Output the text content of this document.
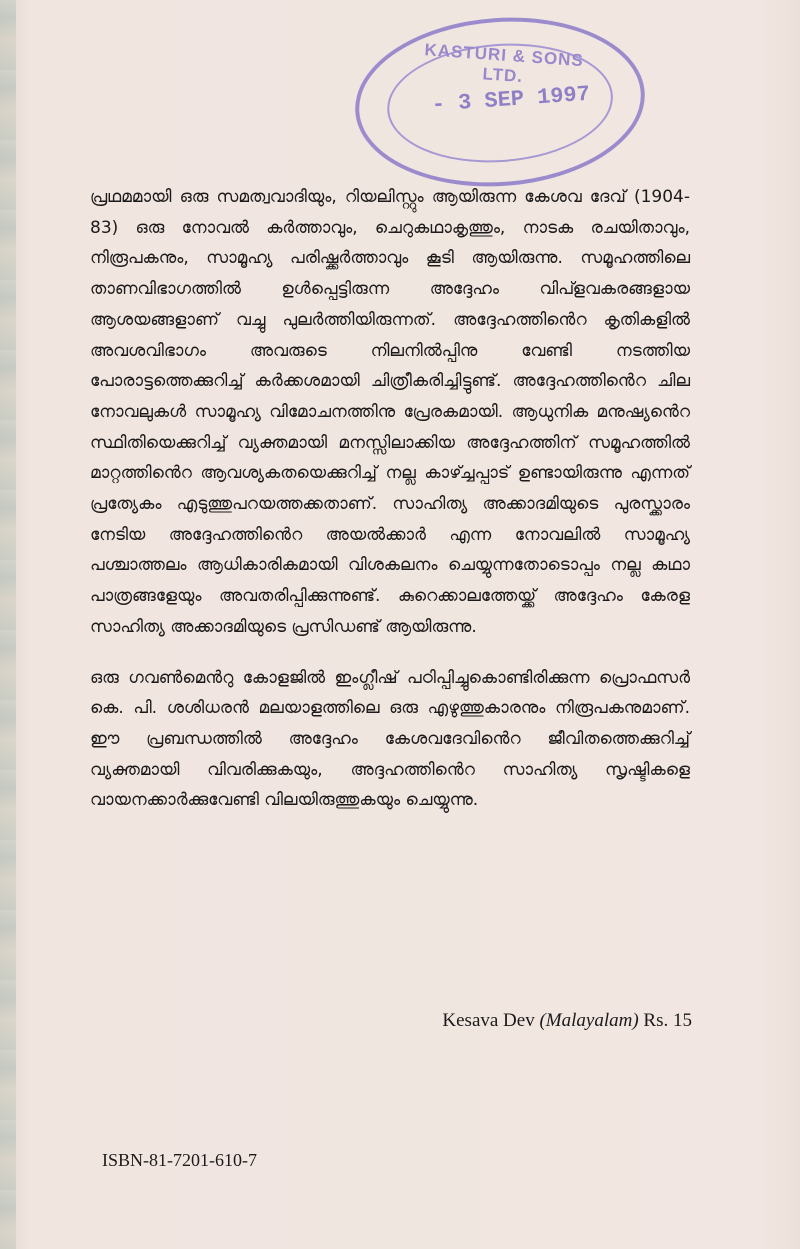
KASTURI & SONS LTD.
- 3 SEP 1997

പ്രഥമമായി ഒരു സമത്വവാദിയും, റിയലിസ്റ്റും ആയിരുന്ന കേശവ ദേവ് (1904-83) ഒരു നോവൽ കർത്താവും, ചെറുകഥാകൃത്തും, നാടക രചയിതാവും, നിരൂപകനും, സാമൂഹ്യ പരിഷ്ക്കർത്താവും കൂടി ആയിരുന്നു. സമൂഹത്തിലെ താണവിഭാഗത്തിൽ ഉൾപ്പെട്ടിരുന്ന അദ്ദേഹം വിപ്ളവകരങ്ങളായ ആശയങ്ങളാണ് വച്ചു പുലർത്തിയിരുന്നത്. അദ്ദേഹത്തിൻെറ കൃതികളിൽ അവശവിഭാഗം അവരുടെ നിലനിൽപ്പിനു വേണ്ടി നടത്തിയ പോരാട്ടത്തെക്കുറിച്ച് കർക്കശമായി ചിത്രീകരിച്ചിട്ടുണ്ട്. അദ്ദേഹത്തിൻെറ ചില നോവലുകൾ സാമൂഹ്യ വിമോചനത്തിനു പ്രേരകമായി. ആധുനിക മനുഷ്യൻെറ സ്ഥിതിയെക്കുറിച്ച് വ്യക്തമായി മനസ്സിലാക്കിയ അദ്ദേഹത്തിന് സമൂഹത്തിൽ മാറ്റത്തിൻെറ ആവശ്യകതയെക്കുറിച്ച് നല്ല കാഴ്ച്ചപ്പാട് ഉണ്ടായിരുന്നു എന്നത് പ്രത്യേകം എടുത്തുപറയത്തക്കതാണ്. സാഹിത്യ അക്കാദമിയുടെ പുരസ്ക്കാരം നേടിയ അദ്ദേഹത്തിൻെറ അയൽക്കാർ എന്ന നോവലിൽ സാമൂഹ്യ പശ്ചാത്തലം ആധികാരികമായി വിശകലനം ചെയ്യുന്നതോടൊപ്പം നല്ല കഥാ പാത്രങ്ങളേയും അവതരിപ്പിക്കുന്നുണ്ട്. കുറെക്കാലത്തേയ്ക്ക് അദ്ദേഹം കേരള സാഹിത്യ അക്കാദമിയുടെ പ്രസിഡണ്ട് ആയിരുന്നു.

ഒരു ഗവൺമെൻറു കോളജിൽ ഇംഗ്ലീഷ് പഠിപ്പിച്ചുകൊണ്ടിരിക്കുന്ന പ്രൊഫസർ കെ. പി. ശശിധരൻ മലയാളത്തിലെ ഒരു എഴുത്തുകാരനും നിരൂപകനുമാണ്. ഈ പ്രബന്ധത്തിൽ അദ്ദേഹം കേശവദേവിൻെറ ജീവിതത്തെക്കുറിച്ച് വ്യക്തമായി വിവരിക്കുകയും, അദ്ദഹത്തിൻെറ സാഹിത്യ സൃഷ്ടികളെ വായനക്കാർക്കുവേണ്ടി വിലയിരുത്തുകയും ചെയ്യുന്നു.

Kesava Dev (Malayalam) Rs. 15
ISBN-81-7201-610-7
